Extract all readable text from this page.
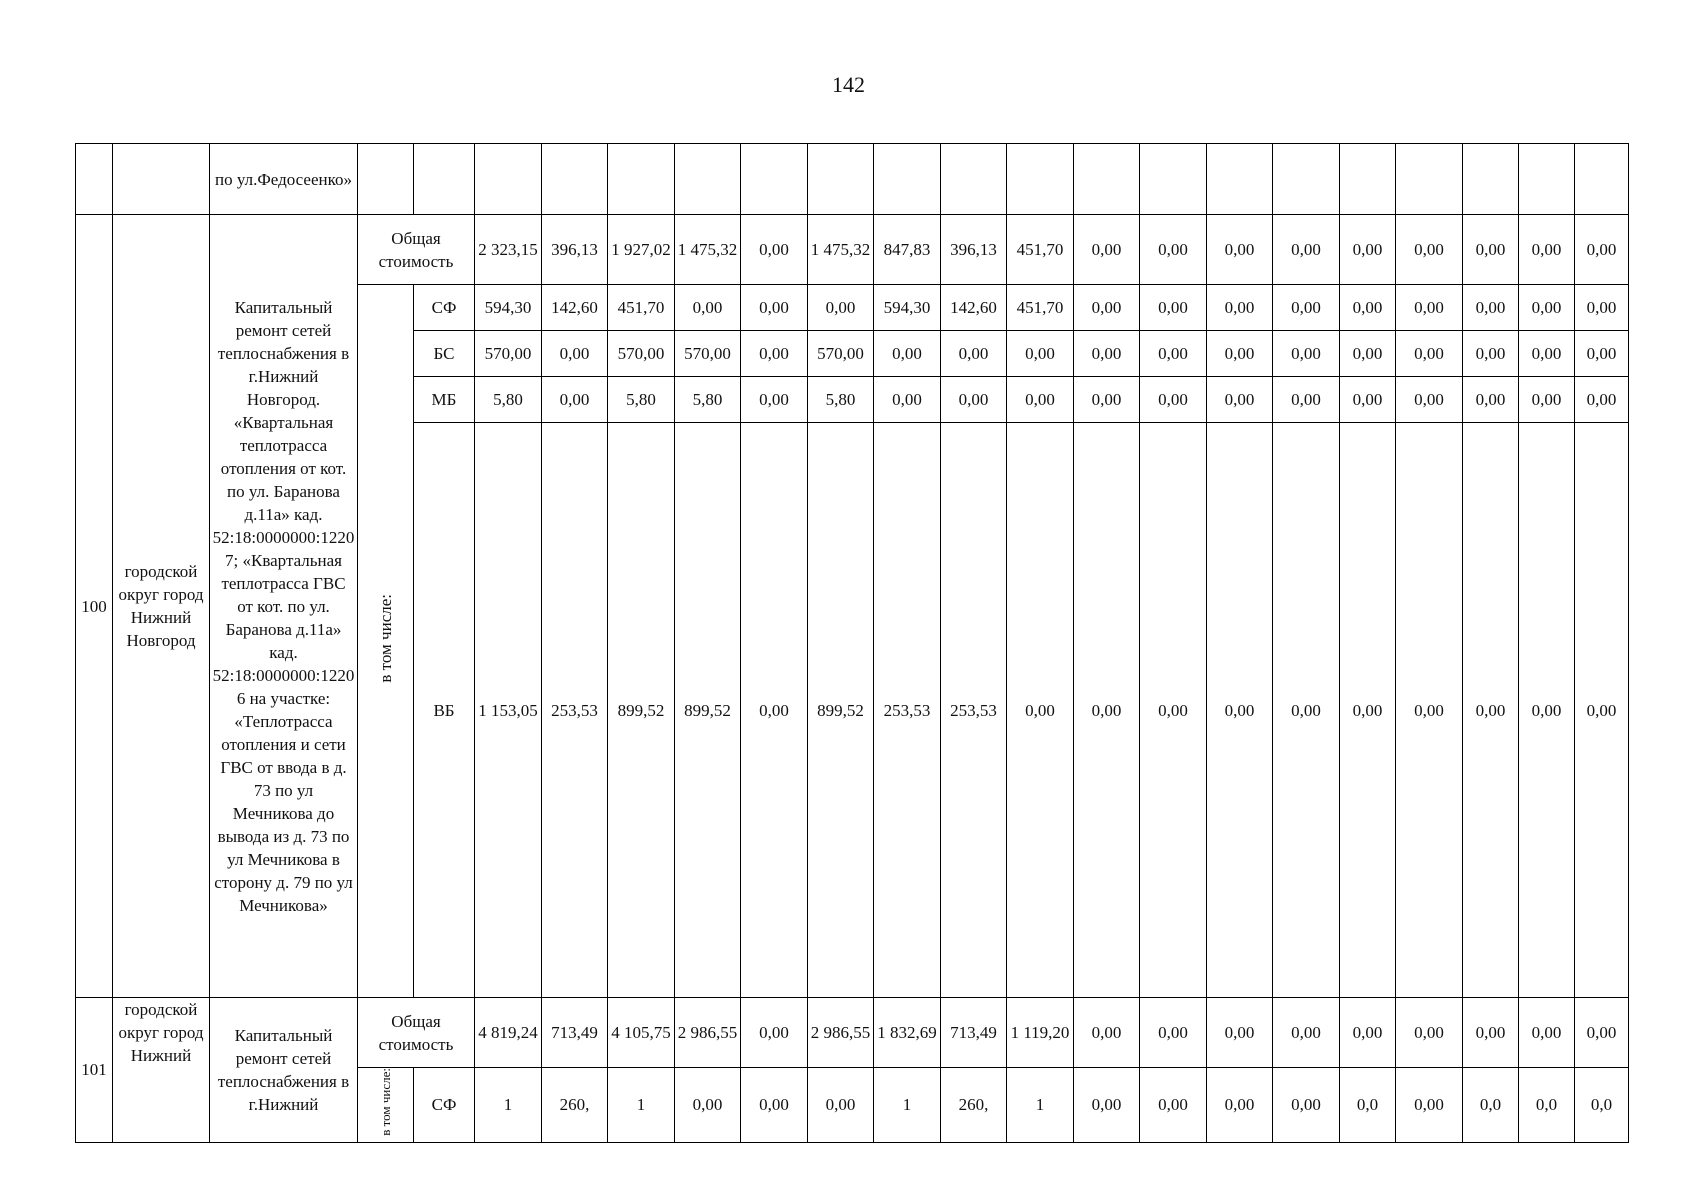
142
		по ул.Федосеенко»																				
100	городской округ город Нижний Новгород	Капитальный ремонт сетей теплоснабжения в г.Нижний Новгород. «Квартальная теплотрасса отопления от кот. по ул. Баранова д.11а» кад. 52:18:0000000:12207; «Квартальная теплотрасса ГВС от кот. по ул. Баранова д.11а» кад. 52:18:0000000:12206 на участке: «Теплотрасса отопления и сети ГВС от ввода в д. 73 по ул Мечникова до вывода из д. 73 по ул Мечникова в сторону д. 79 по ул Мечникова»	Общая стоимость		2 323,15	396,13	1 927,02	1 475,32	0,00	1 475,32	847,83	396,13	451,70	0,00	0,00	0,00	0,00	0,00	0,00	0,00	0,00	0,00
			в том числе:	СФ	594,30	142,60	451,70	0,00	0,00	0,00	594,30	142,60	451,70	0,00	0,00	0,00	0,00	0,00	0,00	0,00	0,00	0,00
				БС	570,00	0,00	570,00	570,00	0,00	570,00	0,00	0,00	0,00	0,00	0,00	0,00	0,00	0,00	0,00	0,00	0,00	0,00
				МБ	5,80	0,00	5,80	5,80	0,00	5,80	0,00	0,00	0,00	0,00	0,00	0,00	0,00	0,00	0,00	0,00	0,00	0,00
				ВБ	1 153,05	253,53	899,52	899,52	0,00	899,52	253,53	253,53	0,00	0,00	0,00	0,00	0,00	0,00	0,00	0,00	0,00	0,00
101	городской округ город Нижний	Капитальный ремонт сетей теплоснабжения в г.Нижний	Общая стоимость		4 819,24	713,49	4 105,75	2 986,55	0,00	2 986,55	1 832,69	713,49	1 119,20	0,00	0,00	0,00	0,00	0,00	0,00	0,00	0,00	0,00
			в том числе:	СФ	1	260,	1	0,00	0,00	0,00	1	260,	1	0,00	0,00	0,00	0,00	0,0	0,00	0,0	0,0	0,0
